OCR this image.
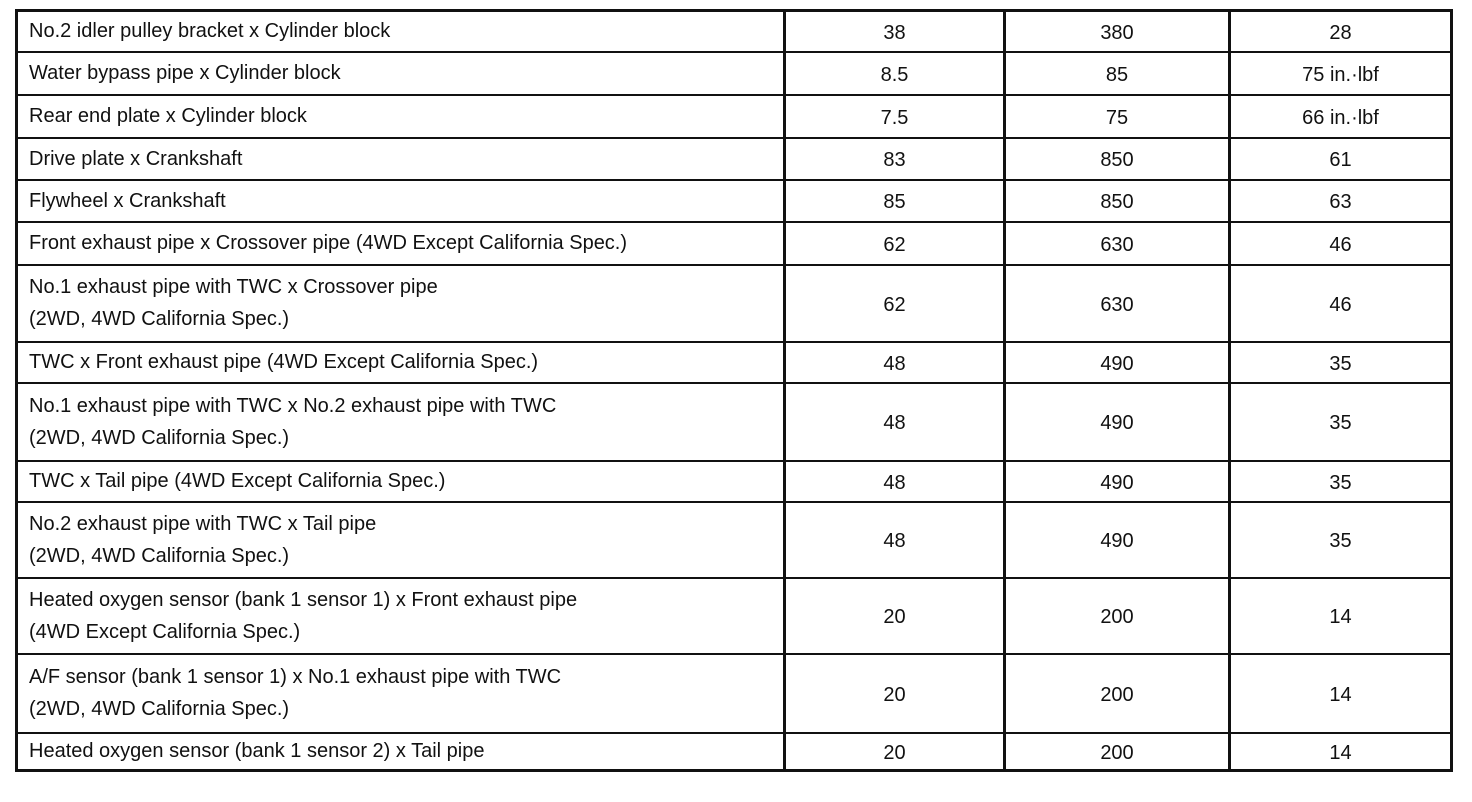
No.2 idler pulley bracket x Cylinder block	38	380	28

Water bypass pipe x Cylinder block	8.5	85	75 in.·lbf

Rear end plate x Cylinder block	7.5	75	66 in.·lbf

Drive plate x Crankshaft	83	850	61

Flywheel x Crankshaft	85	850	63

Front exhaust pipe x Crossover pipe (4WD Except California Spec.)	62	630	46

No.1 exhaust pipe with TWC x Crossover pipe
(2WD, 4WD California Spec.)	62	630	46

TWC x Front exhaust pipe (4WD Except California Spec.)	48	490	35

No.1 exhaust pipe with TWC x No.2 exhaust pipe with TWC
(2WD, 4WD California Spec.)	48	490	35

TWC x Tail pipe (4WD Except California Spec.)	48	490	35

No.2 exhaust pipe with TWC x Tail pipe
(2WD, 4WD California Spec.)	48	490	35

Heated oxygen sensor (bank 1 sensor 1) x Front exhaust pipe
(4WD Except California Spec.)	20	200	14

A/F sensor (bank 1 sensor 1) x No.1 exhaust pipe with TWC
(2WD, 4WD California Spec.)	20	200	14

Heated oxygen sensor (bank 1 sensor 2) x Tail pipe	20	200	14
